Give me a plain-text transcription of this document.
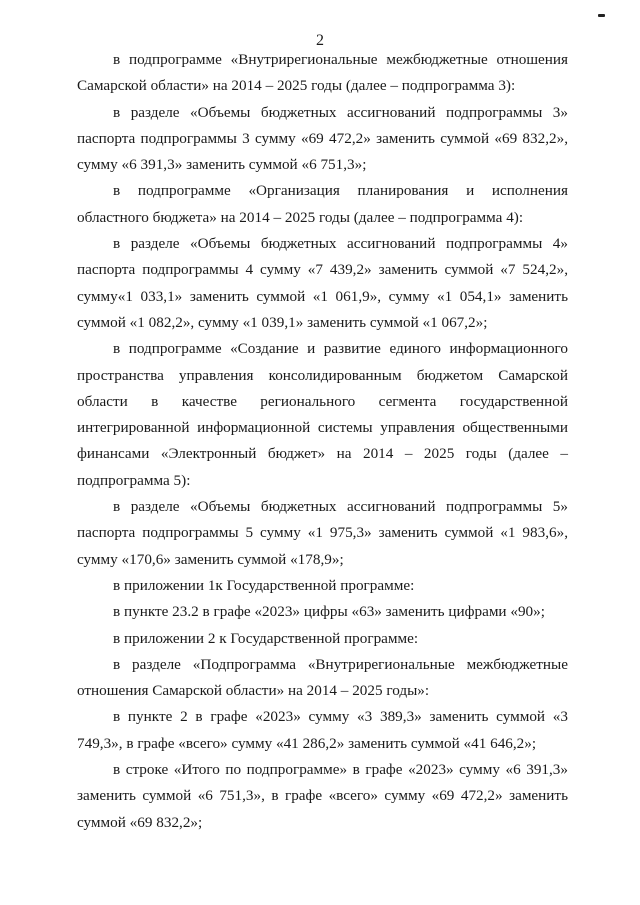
2

в подпрограмме «Внутрирегиональные межбюджетные отношения Самарской области» на 2014 – 2025 годы (далее – подпрограмма 3):

в разделе «Объемы бюджетных ассигнований подпрограммы 3» паспорта подпрограммы 3 сумму «69 472,2» заменить суммой «69 832,2», сумму «6 391,3» заменить суммой «6 751,3»;

в подпрограмме «Организация планирования и исполнения областного бюджета» на 2014 – 2025 годы (далее – подпрограмма 4):

в разделе «Объемы бюджетных ассигнований подпрограммы 4» паспорта подпрограммы 4 сумму «7 439,2» заменить суммой «7 524,2», сумму«1 033,1» заменить суммой «1 061,9», сумму «1 054,1» заменить суммой «1 082,2», сумму «1 039,1» заменить суммой «1 067,2»;

в подпрограмме «Создание и развитие единого информационного пространства управления консолидированным бюджетом Самарской области в качестве регионального сегмента государственной интегрированной информационной системы управления общественными финансами «Электронный бюджет» на 2014 – 2025 годы (далее – подпрограмма 5):

в разделе «Объемы бюджетных ассигнований подпрограммы 5» паспорта подпрограммы 5 сумму «1 975,3» заменить суммой «1 983,6», сумму «170,6» заменить суммой «178,9»;

в приложении 1к Государственной программе:

в пункте 23.2 в графе «2023» цифры «63» заменить цифрами «90»;

в приложении 2 к Государственной программе:

в разделе «Подпрограмма «Внутрирегиональные межбюджетные отношения Самарской области» на 2014 – 2025 годы»:

в пункте 2 в графе «2023» сумму «3 389,3» заменить суммой «3 749,3», в графе «всего» сумму «41 286,2» заменить суммой «41 646,2»;

в строке «Итого по подпрограмме» в графе «2023» сумму «6 391,3» заменить суммой «6 751,3», в графе «всего» сумму «69 472,2» заменить суммой «69 832,2»;
